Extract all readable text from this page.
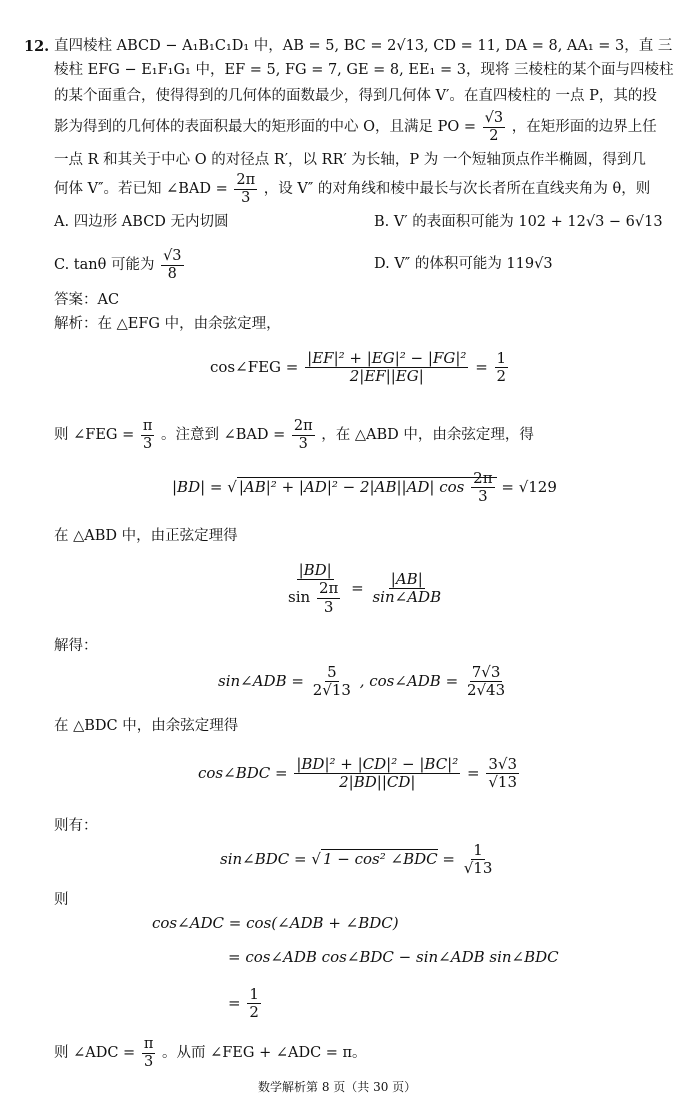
12. 直四棱柱 ABCD − A₁B₁C₁D₁ 中，AB = 5, BC = 2√13, CD = 11, DA = 8, AA₁ = 3，直 三
棱柱 EFG − E₁F₁G₁ 中，EF = 5, FG = 7, GE = 8, EE₁ = 3，现将 三棱柱的某个面与四棱柱
的某个面重合，使得得到的几何体的面数最少，得到几何体 V′。在直四棱柱的 一点 P，其的投
影为得到的几何体的表面积最大的矩形面的中心 O，且满足 PO = $\frac{√3}{2}$ ，在矩形面的边界上任
一点 R 和其关于中心 O 的对径点 R′，以 RR′ 为长轴，P 为 一个短轴顶点作半椭圆，得到几
何体 V″。若已知 ∠BAD = $\frac{2\pi}{3}$ ，设 V″ 的对角线和棱中最长与次长者所在直线夹角为 θ，则
A. 四边形 ABCD 无内切圆	B. V′ 的表面积可能为 102 + 12√3 − 6√13
C. tanθ 可能为 $\frac{√3}{8}$	D. V″ 的体积可能为 119√3
答案：AC
解析：在 △EFG 中，由余弦定理，
cos∠FEG = $\frac{\text{|EF|² + |EG|² − |FG|²}}{2|EF||EG|} = \frac{1}{2}$
则 ∠FEG = $\frac{\pi}{3}$ 。注意到 ∠BAD = $\frac{2\pi}{3}$ ，在 △ABD 中，由余弦定理，得
|BD| = √ |AB|² + |AD|² − 2|AB||AD| $\cos \frac{2\pi}{3} = √129$
在 △ABD 中，由正弦定理得
$\frac{|BD|}{\sin \frac{2\pi}{3}} = \frac{|AB|}{\text{sin∠ADB}}$
解得：
sin∠ADB = $\frac{5}{2√13}$ , cos∠ADB = $\frac{7√3}{2√43}$
在 △BDC 中，由余弦定理得
cos∠BDC = $\frac{\text{|BD|² + |CD|² − |BC|²}}{2|BD||CD|} = \frac{3√3}{√13}$
则有：
sin∠BDC = √ 1 − cos² ∠BDC = $\frac{1}{√13}$
则
cos∠ADC = cos(∠ADB + ∠BDC)
= cos∠ADB cos∠BDC − sin∠ADB sin∠BDC
= $\frac{1}{2}$
则 ∠ADC = $\frac{\pi}{3}$ 。从而 ∠FEG + ∠ADC = π。
数学解析第 8 页（共 30 页）
